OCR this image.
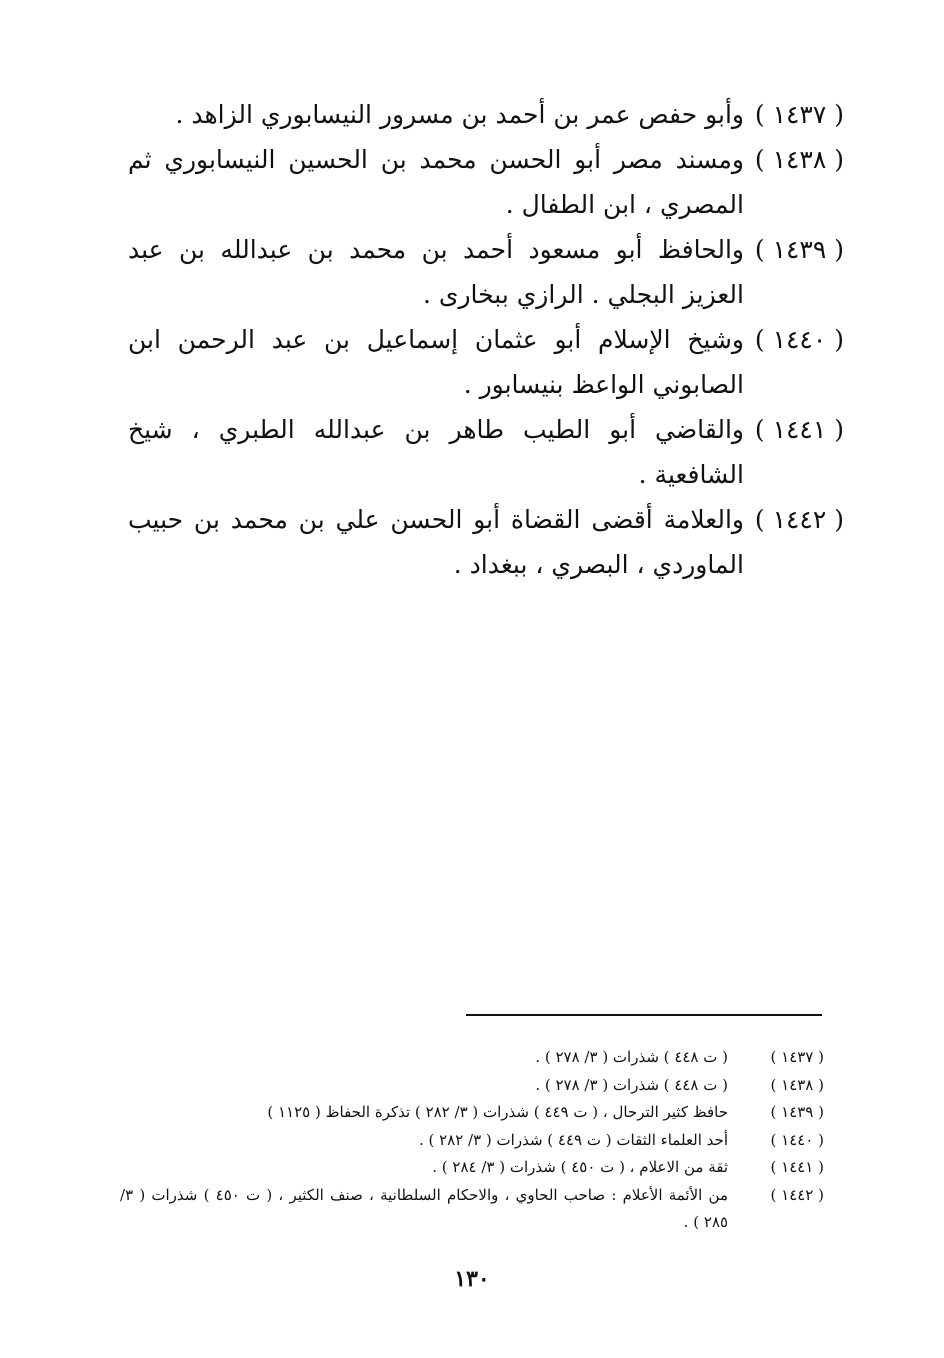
( ١٤٣٧ )
وأبو حفص عمر بن أحمد بن مسرور النيسابوري الزاهد .
( ١٤٣٨ )
ومسند مصر أبو الحسن محمد بن الحسين النيسابوري ثم المصري ، ابن الطفال .
( ١٤٣٩ )
والحافظ أبو مسعود أحمد بن محمد بن عبدالله بن عبد العزيز البجلي . الرازي ببخارى .
( ١٤٤٠ )
وشيخ الإسلام أبو عثمان إسماعيل بن عبد الرحمن ابن الصابوني الواعظ بنيسابور .
( ١٤٤١ )
والقاضي أبو الطيب طاهر بن عبدالله الطبري ، شيخ الشافعية .
( ١٤٤٢ )
والعلامة أقضى القضاة أبو الحسن علي بن محمد بن حبيب الماوردي ، البصري ، ببغداد .
( ١٤٣٧ )
( ت ٤٤٨ ) شذرات ( ٣/ ٢٧٨ ) .
( ١٤٣٨ )
( ت ٤٤٨ ) شذرات ( ٣/ ٢٧٨ ) .
( ١٤٣٩ )
حافظ كثير الترحال ، ( ت ٤٤٩ ) شذرات ( ٣/ ٢٨٢ ) تذكرة الحفاظ ( ١١٢٥ )
( ١٤٤٠ )
أحد العلماء الثقات ( ت ٤٤٩ ) شذرات ( ٣/ ٢٨٢ ) .
( ١٤٤١ )
ثقة من الاعلام ، ( ت ٤٥٠ ) شذرات ( ٣/ ٢٨٤ ) .
( ١٤٤٢ )
من الأئمة الأعلام : صاحب الحاوي ، والاحكام السلطانية ، صنف الكثير ، ( ت ٤٥٠ ) شذرات ( ٣/ ٢٨٥ ) .
١٣٠
